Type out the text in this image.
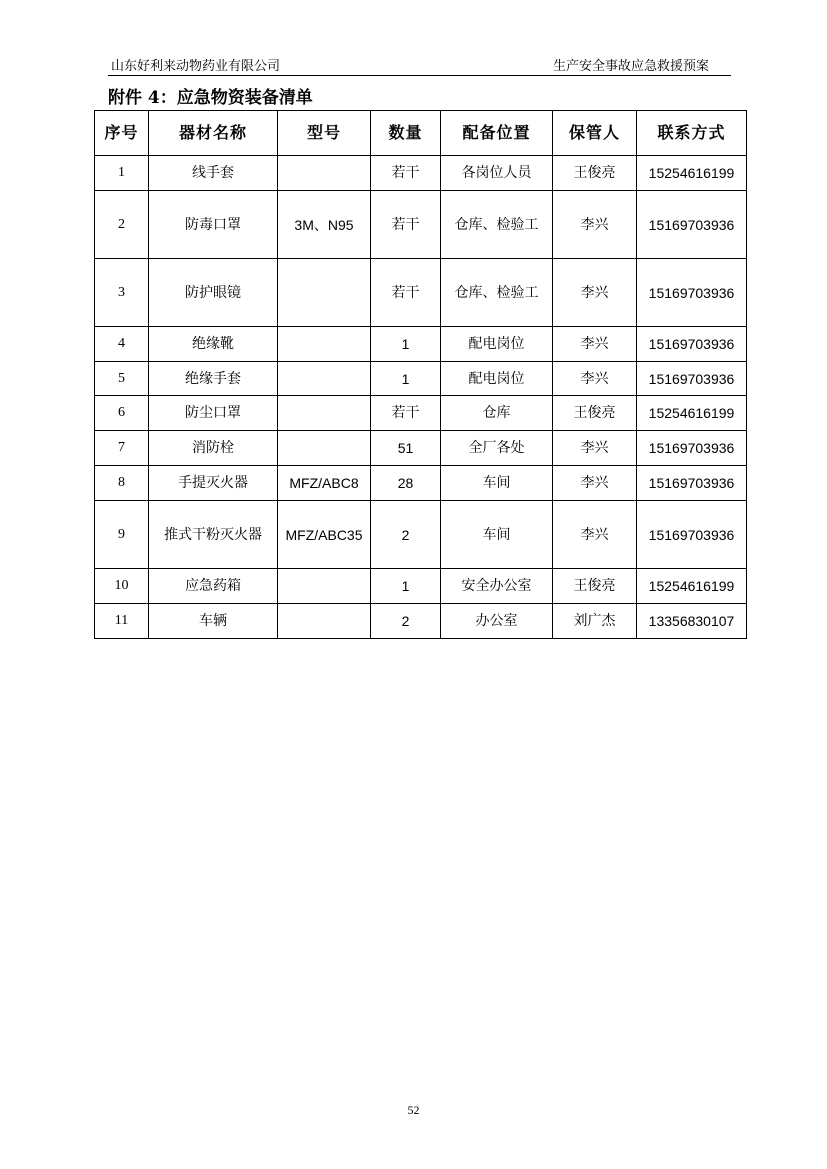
山东好利来动物药业有限公司	生产安全事故应急救援预案
附件 4：应急物资装备清单
序号	器材名称	型号	数量	配备位置	保管人	联系方式
1	线手套		若干	各岗位人员	王俊亮	15254616199
2	防毒口罩	3M、N95	若干	仓库、检验工	李兴	15169703936
3	防护眼镜		若干	仓库、检验工	李兴	15169703936
4	绝缘靴		1	配电岗位	李兴	15169703936
5	绝缘手套		1	配电岗位	李兴	15169703936
6	防尘口罩		若干	仓库	王俊亮	15254616199
7	消防栓		51	全厂各处	李兴	15169703936
8	手提灭火器	MFZ/ABC8	28	车间	李兴	15169703936
9	推式干粉灭火器	MFZ/ABC35	2	车间	李兴	15169703936
10	应急药箱		1	安全办公室	王俊亮	15254616199
11	车辆		2	办公室	刘广杰	13356830107
52
